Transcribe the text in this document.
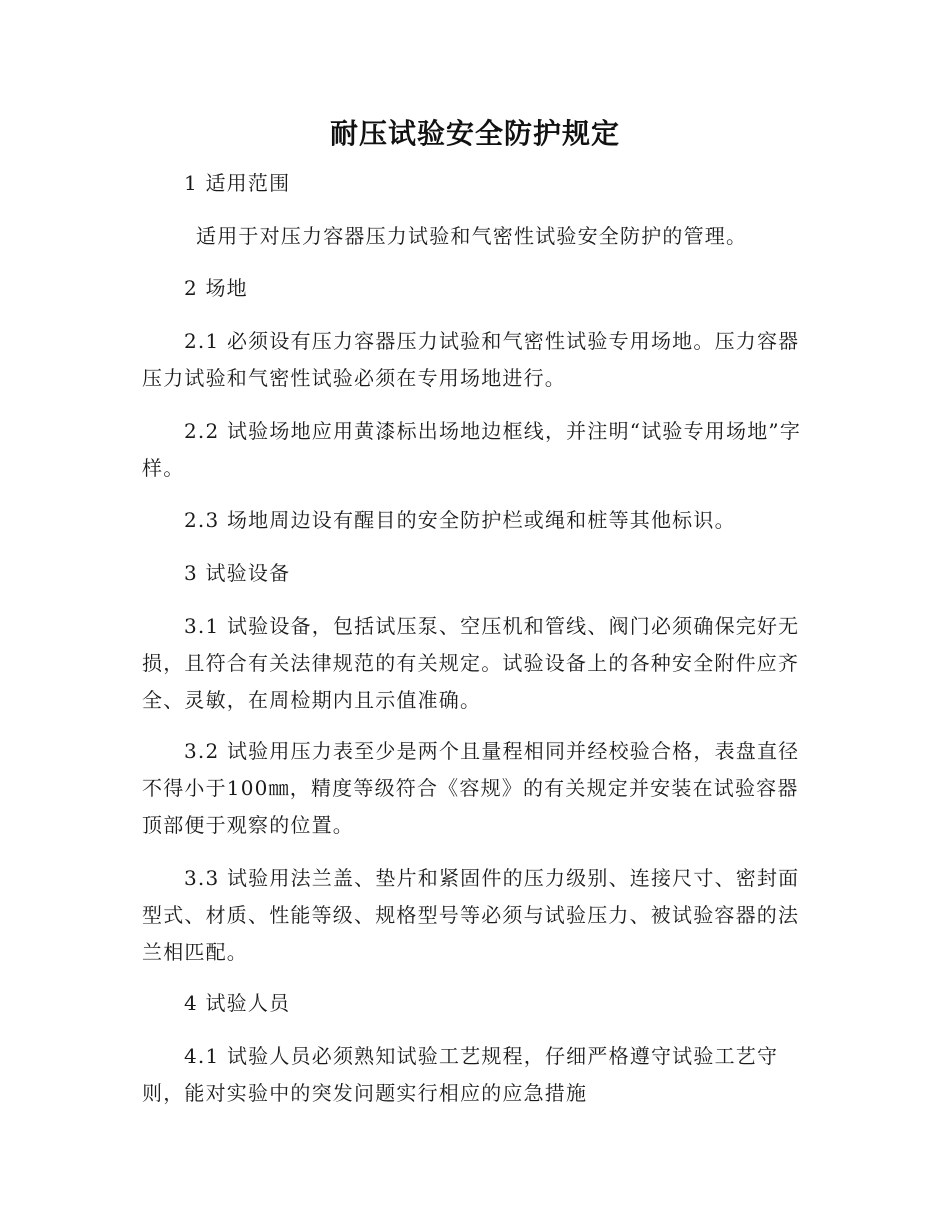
耐压试验安全防护规定
1 适用范围
适用于对压力容器压力试验和气密性试验安全防护的管理。
2 场地
2.1 必须设有压力容器压力试验和气密性试验专用场地。压力容器压力试验和气密性试验必须在专用场地进行。
2.2 试验场地应用黄漆标出场地边框线，并注明“试验专用场地”字样。
2.3 场地周边设有醒目的安全防护栏或绳和桩等其他标识。
3 试验设备
3.1 试验设备，包括试压泵、空压机和管线、阀门必须确保完好无损，且符合有关法律规范的有关规定。试验设备上的各种安全附件应齐全、灵敏，在周检期内且示值准确。
3.2 试验用压力表至少是两个且量程相同并经校验合格，表盘直径不得小于100㎜，精度等级符合《容规》的有关规定并安装在试验容器顶部便于观察的位置。
3.3 试验用法兰盖、垫片和紧固件的压力级别、连接尺寸、密封面型式、材质、性能等级、规格型号等必须与试验压力、被试验容器的法兰相匹配。
4 试验人员
4.1 试验人员必须熟知试验工艺规程，仔细严格遵守试验工艺守则，能对实验中的突发问题实行相应的应急措施
